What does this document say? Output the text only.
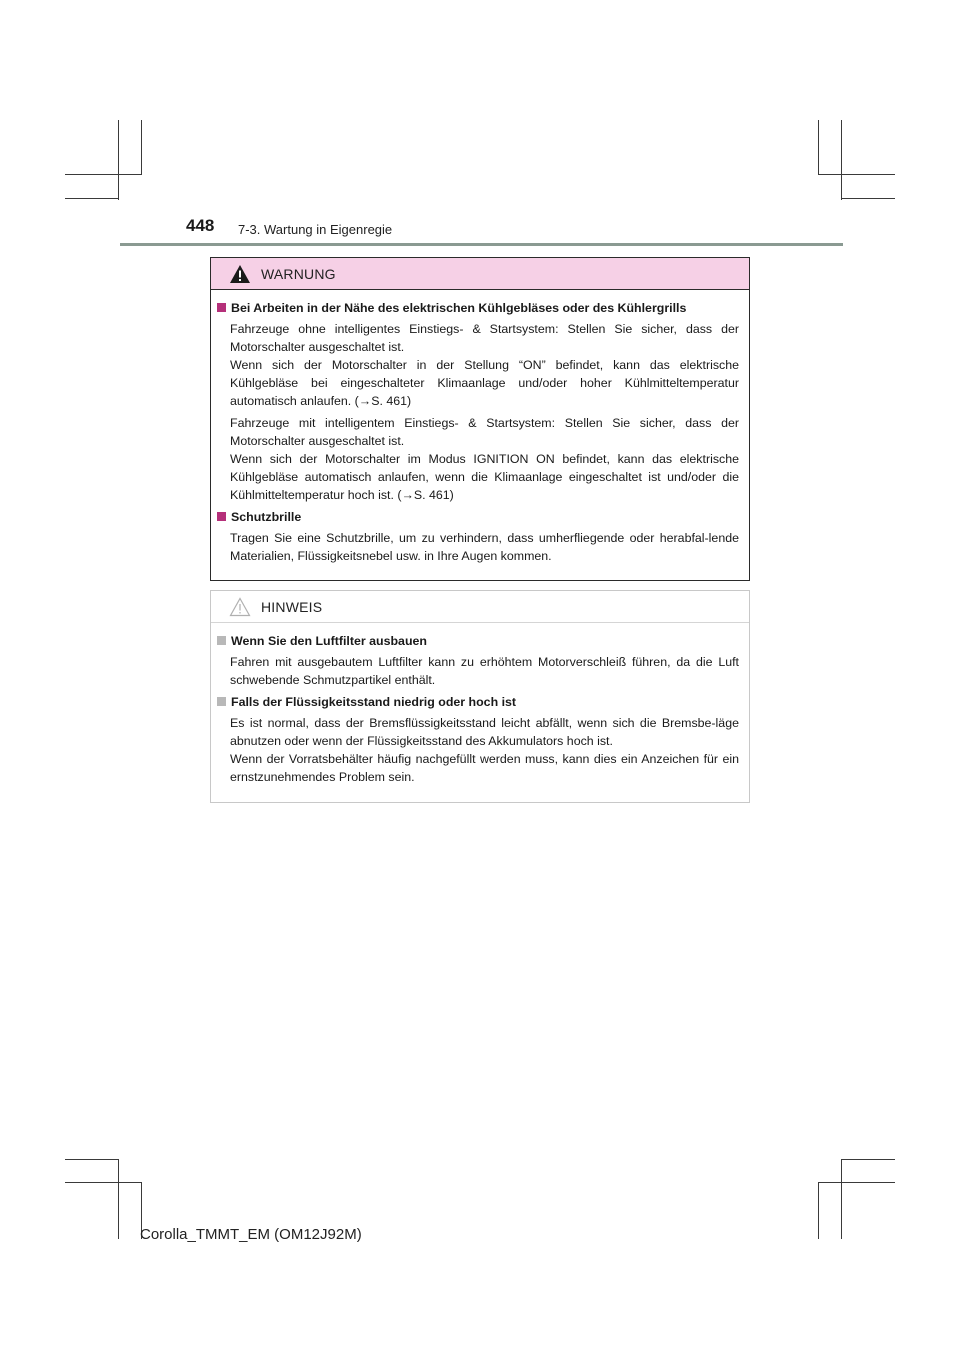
448 7-3. Wartung in Eigenregie
WARNUNG
Bei Arbeiten in der Nähe des elektrischen Kühlgebläses oder des Kühlergrills
Fahrzeuge ohne intelligentes Einstiegs- & Startsystem: Stellen Sie sicher, dass der Motorschalter ausgeschaltet ist.
Wenn sich der Motorschalter in der Stellung “ON” befindet, kann das elektrische Kühlgebläse bei eingeschalteter Klimaanlage und/oder hoher Kühlmitteltemperatur automatisch anlaufen. (→S. 461)
Fahrzeuge mit intelligentem Einstiegs- & Startsystem: Stellen Sie sicher, dass der Motorschalter ausgeschaltet ist.
Wenn sich der Motorschalter im Modus IGNITION ON befindet, kann das elektrische Kühlgebläse automatisch anlaufen, wenn die Klimaanlage eingeschaltet ist und/oder die Kühlmitteltemperatur hoch ist. (→S. 461)
Schutzbrille
Tragen Sie eine Schutzbrille, um zu verhindern, dass umherfliegende oder herabfal-lende Materialien, Flüssigkeitsnebel usw. in Ihre Augen kommen.
HINWEIS
Wenn Sie den Luftfilter ausbauen
Fahren mit ausgebautem Luftfilter kann zu erhöhtem Motorverschleiß führen, da die Luft schwebende Schmutzpartikel enthält.
Falls der Flüssigkeitsstand niedrig oder hoch ist
Es ist normal, dass der Bremsflüssigkeitsstand leicht abfällt, wenn sich die Bremsbe-läge abnutzen oder wenn der Flüssigkeitsstand des Akkumulators hoch ist.
Wenn der Vorratsbehälter häufig nachgefüllt werden muss, kann dies ein Anzeichen für ein ernstzunehmendes Problem sein.
Corolla_TMMT_EM (OM12J92M)
